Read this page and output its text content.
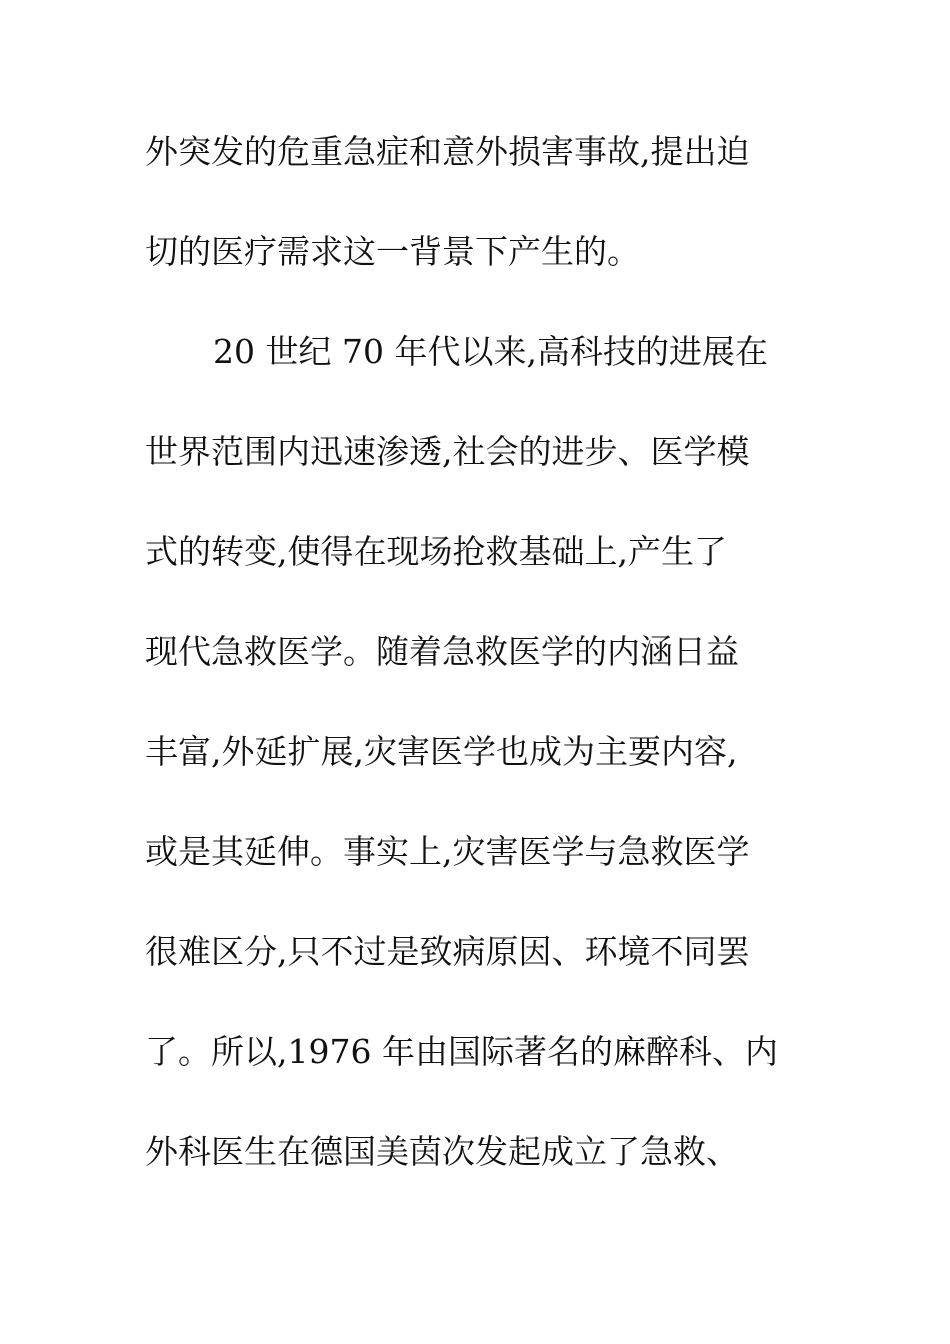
外突发的危重急症和意外损害事故,提出迫
切的医疗需求这一背景下产生的。
20 世纪 70 年代以来,高科技的进展在
世界范围内迅速渗透,社会的进步、医学模
式的转变,使得在现场抢救基础上,产生了
现代急救医学。随着急救医学的内涵日益
丰富,外延扩展,灾害医学也成为主要内容,
或是其延伸。事实上,灾害医学与急救医学
很难区分,只不过是致病原因、环境不同罢
了。所以,1976 年由国际著名的麻醉科、内
外科医生在德国美茵次发起成立了急救、
